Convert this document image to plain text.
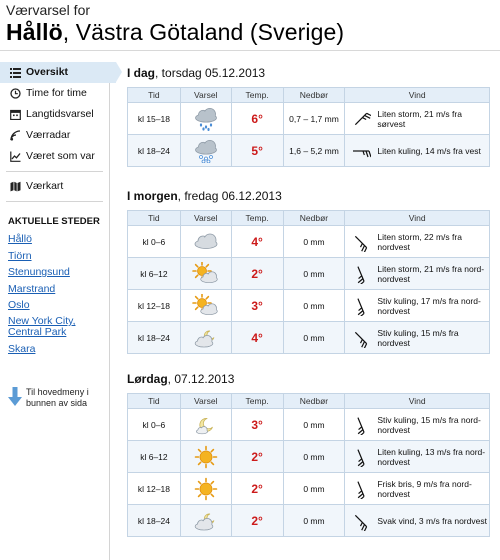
Værvarsel for
Hållö, Västra Götaland (Sverige)
Oversikt
Time for time
Langtidsvarsel
Værradar
Været som var
Værkart
AKTUELLE STEDER
Hållö
Tiörn
Stenungsund
Marstrand
Oslo
New York City, Central Park
Skara
Til hovedmeny i bunnen av sida
I dag, torsdag 05.12.2013
Tid	Varsel	Temp.	Nedbør	Vind
kl 15–18		6°	0,7 – 1,7 mm	Liten storm, 21 m/s fra sørvest

kl 18–24		5°	1,6 – 5,2 mm	Liten kuling, 14 m/s fra vest
I morgen, fredag 06.12.2013
Tid	Varsel	Temp.	Nedbør	Vind
kl 0–6		4°	0 mm	Liten storm, 22 m/s fra nordvest

kl 6–12		2°	0 mm	Liten storm, 21 m/s fra nord-nordvest

kl 12–18		3°	0 mm	Stiv kuling, 17 m/s fra nord-nordvest

kl 18–24		4°	0 mm	Stiv kuling, 15 m/s fra nordvest
Lørdag, 07.12.2013
Tid	Varsel	Temp.	Nedbør	Vind
kl 0–6		3°	0 mm	Stiv kuling, 15 m/s fra nord-nordvest

kl 6–12		2°	0 mm	Liten kuling, 13 m/s fra nord-nordvest

kl 12–18		2°	0 mm	Frisk bris, 9 m/s fra nord-nordvest

kl 18–24		2°	0 mm	Svak vind, 3 m/s fra nordvest
